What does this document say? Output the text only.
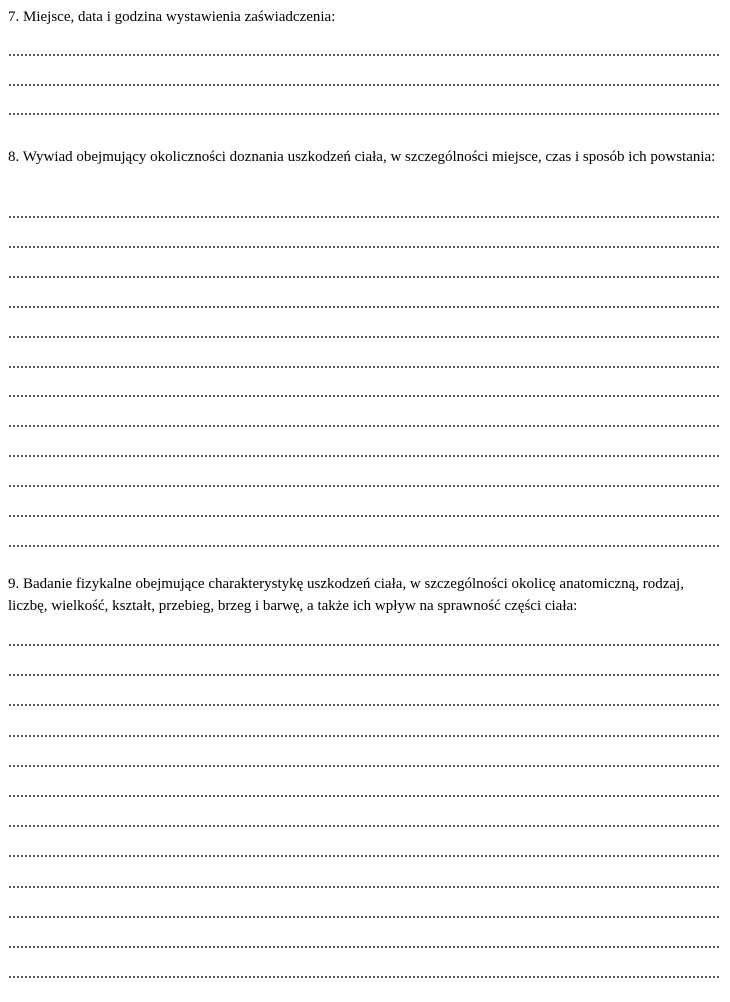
7. Miejsce, data i godzina wystawienia zaświadczenia:

8. Wywiad obejmujący okoliczności doznania uszkodzeń ciała, w szczególności miejsce, czas i sposób ich powstania:

9. Badanie fizykalne obejmujące charakterystykę uszkodzeń ciała, w szczególności okolicę anatomiczną, rodzaj, liczbę, wielkość, kształt, przebieg, brzeg i barwę, a także ich wpływ na sprawność części ciała:
